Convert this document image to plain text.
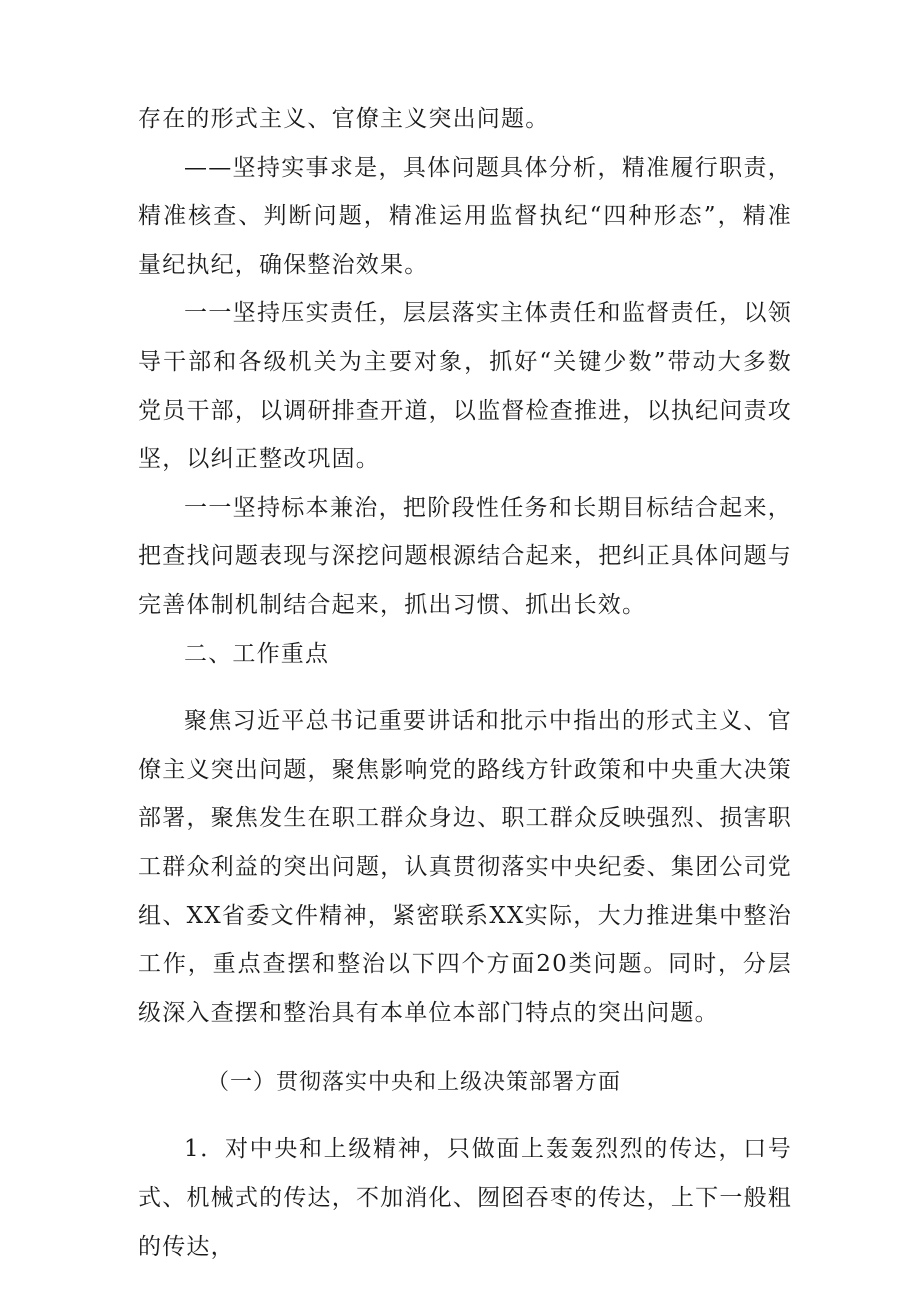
存在的形式主义、官僚主义突出问题。

——坚持实事求是，具体问题具体分析，精准履行职责，精准核查、判断问题，精准运用监督执纪“四种形态”，精准量纪执纪，确保整治效果。

一一坚持压实责任，层层落实主体责任和监督责任，以领导干部和各级机关为主要对象，抓好“关键少数”带动大多数党员干部，以调研排查开道，以监督检查推进，以执纪问责攻坚，以纠正整改巩固。

一一坚持标本兼治，把阶段性任务和长期目标结合起来，把查找问题表现与深挖问题根源结合起来，把纠正具体问题与完善体制机制结合起来，抓出习惯、抓出长效。

二、工作重点

聚焦习近平总书记重要讲话和批示中指出的形式主义、官僚主义突出问题，聚焦影响党的路线方针政策和中央重大决策部署，聚焦发生在职工群众身边、职工群众反映强烈、损害职工群众利益的突出问题，认真贯彻落实中央纪委、集团公司党组、XX省委文件精神，紧密联系XX实际，大力推进集中整治工作，重点查摆和整治以下四个方面20类问题。同时，分层级深入查摆和整治具有本单位本部门特点的突出问题。

（一）贯彻落实中央和上级决策部署方面

1．对中央和上级精神，只做面上轰轰烈烈的传达，口号式、机械式的传达，不加消化、囫囵吞枣的传达，上下一般粗的传达，
